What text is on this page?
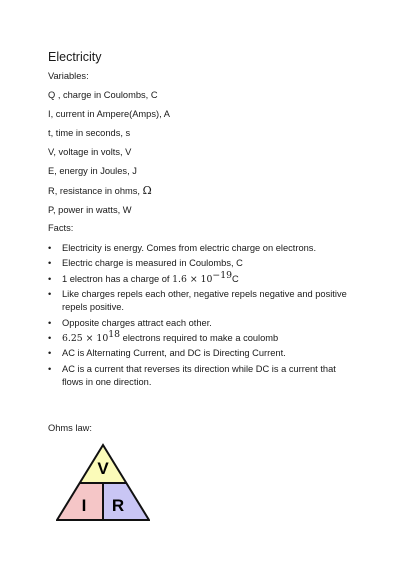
Electricity
Variables:
Q , charge in Coulombs, C
I, current in Ampere(Amps), A
t, time in seconds, s
V, voltage in volts, V
E, energy in Joules, J
R, resistance in ohms, Ω
P, power in watts, W
Facts:
• Electricity is energy. Comes from electric charge on electrons.
• Electric charge is measured in Coulombs, C
• 1 electron has a charge of $1.6 \times 10^{-19}C$
• Like charges repels each other, negative repels negative and positive repels positive.
• Opposite charges attract each other.
• $6.25 \times 10^{18}$ electrons required to make a coulomb
• AC is Alternating Current, and DC is Directing Current.
• AC is a current that reverses its direction while DC is a current that flows in one direction.
Ohms law:
V
I R
